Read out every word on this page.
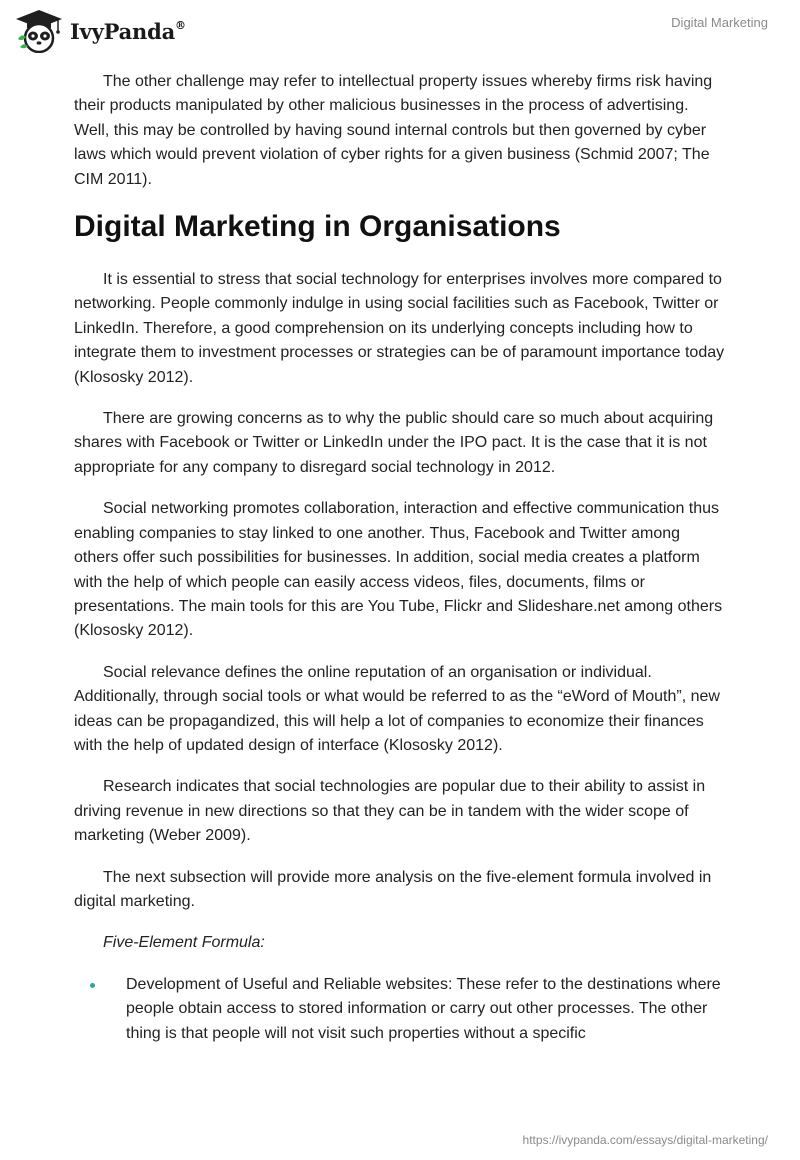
IvyPanda®	Digital Marketing

The other challenge may refer to intellectual property issues whereby firms risk having their products manipulated by other malicious businesses in the process of advertising. Well, this may be controlled by having sound internal controls but then governed by cyber laws which would prevent violation of cyber rights for a given business (Schmid 2007; The CIM 2011).

Digital Marketing in Organisations

It is essential to stress that social technology for enterprises involves more compared to networking. People commonly indulge in using social facilities such as Facebook, Twitter or LinkedIn. Therefore, a good comprehension on its underlying concepts including how to integrate them to investment processes or strategies can be of paramount importance today (Klososky 2012).

There are growing concerns as to why the public should care so much about acquiring shares with Facebook or Twitter or LinkedIn under the IPO pact. It is the case that it is not appropriate for any company to disregard social technology in 2012.

Social networking promotes collaboration, interaction and effective communication thus enabling companies to stay linked to one another. Thus, Facebook and Twitter among others offer such possibilities for businesses. In addition, social media creates a platform with the help of which people can easily access videos, files, documents, films or presentations. The main tools for this are You Tube, Flickr and Slideshare.net among others (Klososky 2012).

Social relevance defines the online reputation of an organisation or individual. Additionally, through social tools or what would be referred to as the “eWord of Mouth”, new ideas can be propagandized, this will help a lot of companies to economize their finances with the help of updated design of interface (Klososky 2012).

Research indicates that social technologies are popular due to their ability to assist in driving revenue in new directions so that they can be in tandem with the wider scope of marketing (Weber 2009).

The next subsection will provide more analysis on the five-element formula involved in digital marketing.

Five-Element Formula:

Development of Useful and Reliable websites: These refer to the destinations where people obtain access to stored information or carry out other processes. The other thing is that people will not visit such properties without a specific
https://ivypanda.com/essays/digital-marketing/
